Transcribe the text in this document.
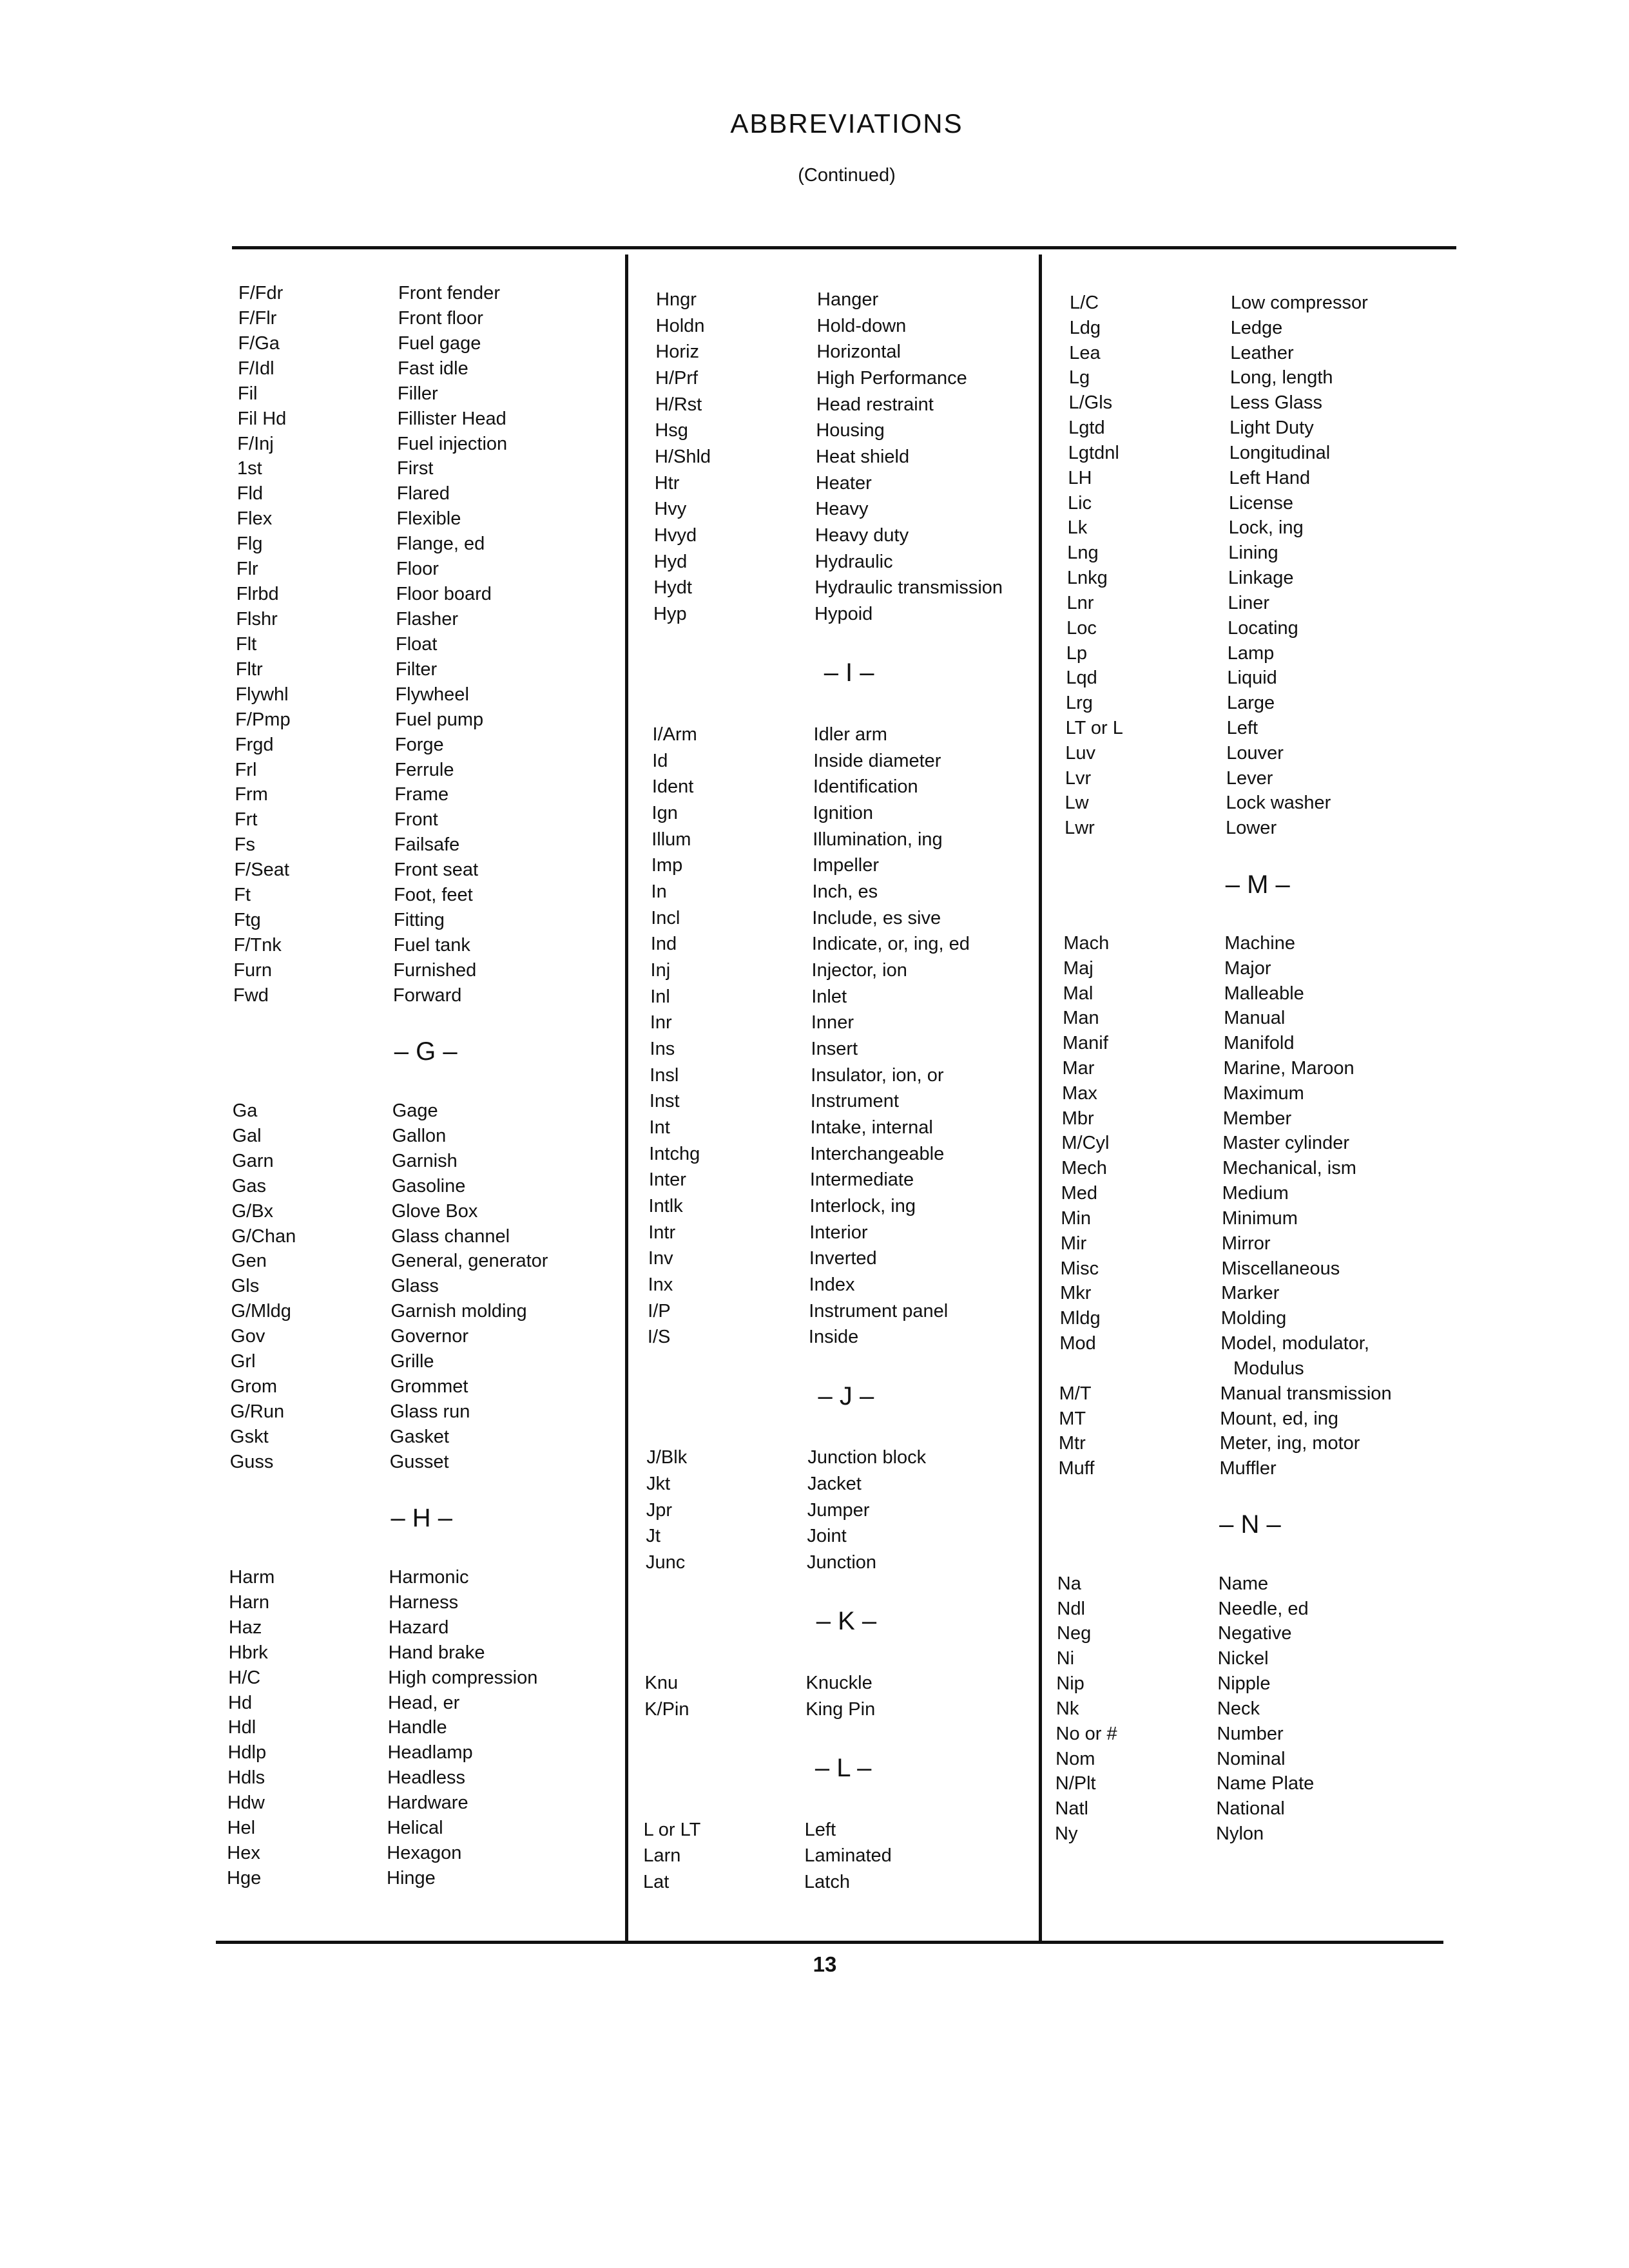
ABBREVIATIONS
(Continued)
F/Fdr	Front fender
F/Flr	Front floor
F/Ga	Fuel gage
F/Idl	Fast idle
Fil	Filler
Fil Hd	Fillister Head
F/Inj	Fuel injection
1st	First
Fld	Flared
Flex	Flexible
Flg	Flange, ed
Flr	Floor
Flrbd	Floor board
Flshr	Flasher
Flt	Float
Fltr	Filter
Flywhl	Flywheel
F/Pmp	Fuel pump
Frgd	Forge
Frl	Ferrule
Frm	Frame
Frt	Front
Fs	Failsafe
F/Seat	Front seat
Ft	Foot, feet
Ftg	Fitting
F/Tnk	Fuel tank
Furn	Furnished
Fwd	Forward
– G –
Ga	Gage
Gal	Gallon
Garn	Garnish
Gas	Gasoline
G/Bx	Glove Box
G/Chan	Glass channel
Gen	General, generator
Gls	Glass
G/Mldg	Garnish molding
Gov	Governor
Grl	Grille
Grom	Grommet
G/Run	Glass run
Gskt	Gasket
Guss	Gusset
– H –
Harm	Harmonic
Harn	Harness
Haz	Hazard
Hbrk	Hand brake
H/C	High compression
Hd	Head, er
Hdl	Handle
Hdlp	Headlamp
Hdls	Headless
Hdw	Hardware
Hel	Helical
Hex	Hexagon
Hge	Hinge
Hngr	Hanger
Holdn	Hold-down
Horiz	Horizontal
H/Prf	High Performance
H/Rst	Head restraint
Hsg	Housing
H/Shld	Heat shield
Htr	Heater
Hvy	Heavy
Hvyd	Heavy duty
Hyd	Hydraulic
Hydt	Hydraulic transmission
Hyp	Hypoid
– I –
I/Arm	Idler arm
Id	Inside diameter
Ident	Identification
Ign	Ignition
Illum	Illumination, ing
Imp	Impeller
In	Inch, es
Incl	Include, es sive
Ind	Indicate, or, ing, ed
Inj	Injector, ion
Inl	Inlet
Inr	Inner
Ins	Insert
Insl	Insulator, ion, or
Inst	Instrument
Int	Intake, internal
Intchg	Interchangeable
Inter	Intermediate
Intlk	Interlock, ing
Intr	Interior
Inv	Inverted
Inx	Index
I/P	Instrument panel
I/S	Inside
– J –
J/Blk	Junction block
Jkt	Jacket
Jpr	Jumper
Jt	Joint
Junc	Junction
– K –
Knu	Knuckle
K/Pin	King Pin
– L –
L or LT	Left
Larn	Laminated
Lat	Latch
L/C	Low compressor
Ldg	Ledge
Lea	Leather
Lg	Long, length
L/Gls	Less Glass
Lgtd	Light Duty
Lgtdnl	Longitudinal
LH	Left Hand
Lic	License
Lk	Lock, ing
Lng	Lining
Lnkg	Linkage
Lnr	Liner
Loc	Locating
Lp	Lamp
Lqd	Liquid
Lrg	Large
LT or L	Left
Luv	Louver
Lvr	Lever
Lw	Lock washer
Lwr	Lower
– M –
Mach	Machine
Maj	Major
Mal	Malleable
Man	Manual
Manif	Manifold
Mar	Marine, Maroon
Max	Maximum
Mbr	Member
M/Cyl	Master cylinder
Mech	Mechanical, ism
Med	Medium
Min	Minimum
Mir	Mirror
Misc	Miscellaneous
Mkr	Marker
Mldg	Molding
Mod	Model, modulator,
Modulus
M/T	Manual transmission
MT	Mount, ed, ing
Mtr	Meter, ing, motor
Muff	Muffler
– N –
Na	Name
Ndl	Needle, ed
Neg	Negative
Ni	Nickel
Nip	Nipple
Nk	Neck
No or #	Number
Nom	Nominal
N/Plt	Name Plate
Natl	National
Ny	Nylon
13
